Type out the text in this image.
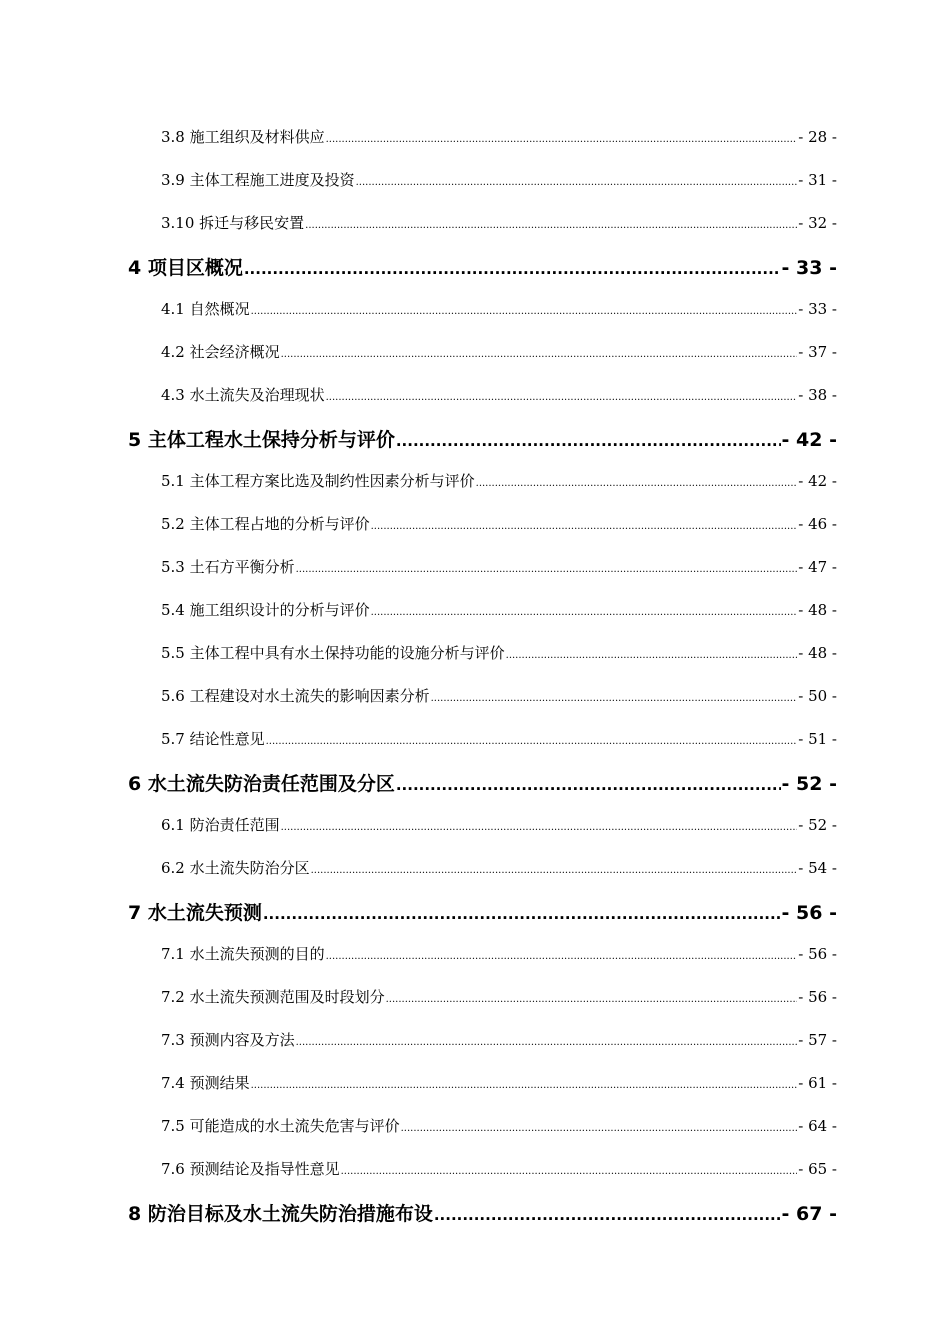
3.8 施工组织及材料供应 .....	- 28 -
3.9 主体工程施工进度及投资 .....	- 31 -
3.10 拆迁与移民安置 .....	- 32 -
4 项目区概况 .....	- 33 -
4.1 自然概况 .....	- 33 -
4.2 社会经济概况 .....	- 37 -
4.3 水土流失及治理现状 .....	- 38 -
5 主体工程水土保持分析与评价 .....	- 42 -
5.1 主体工程方案比选及制约性因素分析与评价 .....	- 42 -
5.2 主体工程占地的分析与评价 .....	- 46 -
5.3 土石方平衡分析 .....	- 47 -
5.4 施工组织设计的分析与评价 .....	- 48 -
5.5 主体工程中具有水土保持功能的设施分析与评价 .....	- 48 -
5.6 工程建设对水土流失的影响因素分析 .....	- 50 -
5.7 结论性意见 .....	- 51 -
6 水土流失防治责任范围及分区 .....	- 52 -
6.1 防治责任范围 .....	- 52 -
6.2 水土流失防治分区 .....	- 54 -
7 水土流失预测 .....	- 56 -
7.1 水土流失预测的目的 .....	- 56 -
7.2 水土流失预测范围及时段划分 .....	- 56 -
7.3 预测内容及方法 .....	- 57 -
7.4 预测结果 .....	- 61 -
7.5 可能造成的水土流失危害与评价 .....	- 64 -
7.6 预测结论及指导性意见 .....	- 65 -
8 防治目标及水土流失防治措施布设 .....	- 67 -
